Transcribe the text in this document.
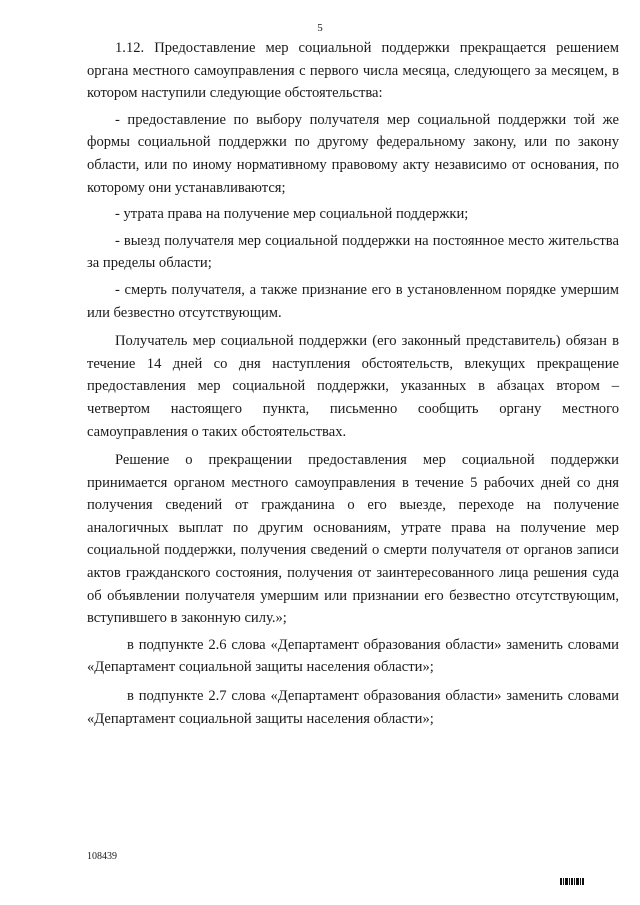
5

1.12. Предоставление мер социальной поддержки прекращается решением органа местного самоуправления с первого числа месяца, следующего за месяцем, в котором наступили следующие обстоятельства:

- предоставление по выбору получателя мер социальной поддержки той же формы социальной поддержки по другому федеральному закону, или по закону области, или по иному нормативному правовому акту независимо от основания, по которому они устанавливаются;

- утрата права на получение мер социальной поддержки;

- выезд получателя мер социальной поддержки на постоянное место жительства за пределы области;

- смерть получателя, а также признание его в установленном порядке умершим или безвестно отсутствующим.

Получатель мер социальной поддержки (его законный представитель) обязан в течение 14 дней со дня наступления обстоятельств, влекущих прекращение предоставления мер социальной поддержки, указанных в абзацах втором – четвертом настоящего пункта, письменно сообщить органу местного самоуправления о таких обстоятельствах.

Решение о прекращении предоставления мер социальной поддержки принимается органом местного самоуправления в течение 5 рабочих дней со дня получения сведений от гражданина о его выезде, переходе на получение аналогичных выплат по другим основаниям, утрате права на получение мер социальной поддержки, получения сведений о смерти получателя от органов записи актов гражданского состояния, получения от заинтересованного лица решения суда об объявлении получателя умершим или признании его безвестно отсутствующим, вступившего в законную силу.»;

в подпункте 2.6 слова «Департамент образования области» заменить словами «Департамент социальной защиты населения области»;

в подпункте 2.7 слова «Департамент образования области» заменить словами «Департамент социальной защиты населения области»;

108439
